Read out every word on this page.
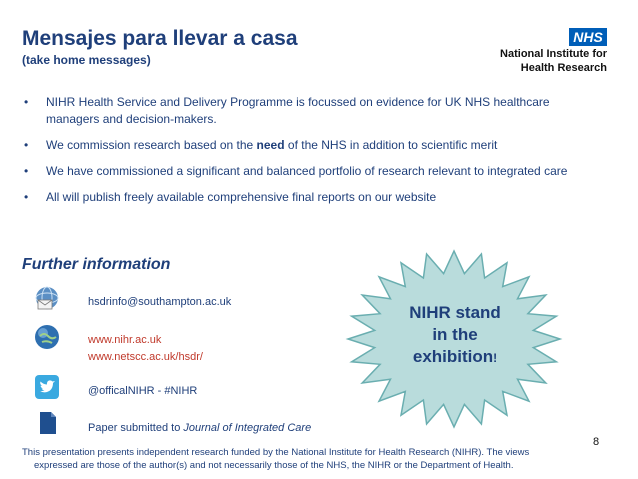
Mensajes para llevar a casa
(take home messages)
NHS
National Institute for
Health Research
• NIHR Health Service and Delivery Programme is focussed on evidence for UK NHS healthcare managers and decision-makers.
• We commission research based on the need of the NHS in addition to scientific merit
• We have commissioned a significant and balanced portfolio of research relevant to integrated care
• All will publish freely available comprehensive final reports on our website
Further information
hsdrinfo@southampton.ac.uk
www.nihr.ac.uk
www.netscc.ac.uk/hsdr/
@officalNIHR - #NIHR
Paper submitted to Journal of Integrated Care
NIHR stand
in the
exhibition!
8
This presentation presents independent research funded by the National Institute for Health Research (NIHR). The views
expressed are those of the author(s) and not necessarily those of the NHS, the NIHR or the Department of Health.
